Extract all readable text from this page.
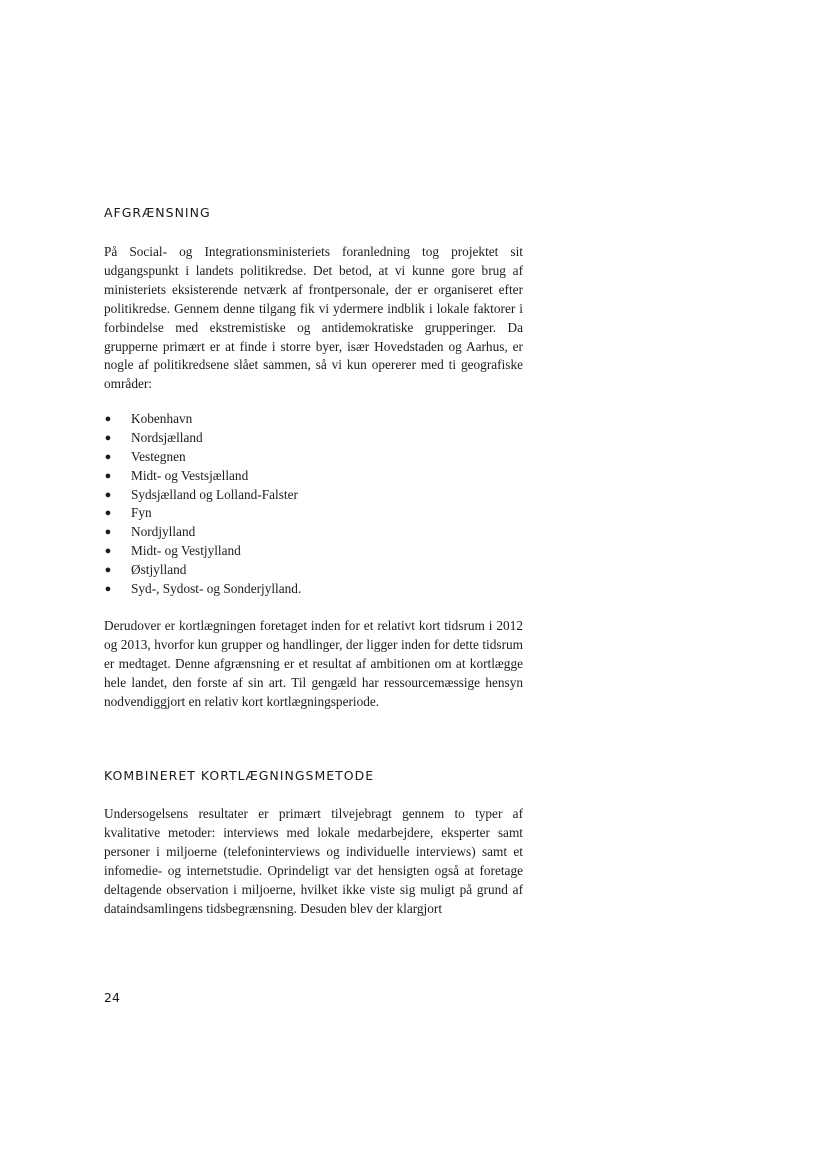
AFGRÆNSNING

På Social- og Integrationsministeriets foranledning tog projektet sit udgangspunkt i landets politikredse. Det betod, at vi kunne gore brug af ministeriets eksisterende netværk af frontpersonale, der er organiseret efter politikredse. Gennem denne tilgang fik vi ydermere indblik i lokale faktorer i forbindelse med ekstremistiske og antidemokratiske grupperinger. Da grupperne primært er at finde i storre byer, især Hovedstaden og Aarhus, er nogle af politikredsene slået sammen, så vi kun opererer med ti geografiske områder:

● Kobenhavn
● Nordsjælland
● Vestegnen
● Midt- og Vestsjælland
● Sydsjælland og Lolland-Falster
● Fyn
● Nordjylland
● Midt- og Vestjylland
● Østjylland
● Syd-, Sydost- og Sonderjylland.

Derudover er kortlægningen foretaget inden for et relativt kort tidsrum i 2012 og 2013, hvorfor kun grupper og handlinger, der ligger inden for dette tidsrum er medtaget. Denne afgrænsning er et resultat af ambitionen om at kortlægge hele landet, den forste af sin art. Til gengæld har ressourcemæssige hensyn nodvendiggjort en relativ kort kortlægningsperiode.

KOMBINERET KORTLÆGNINGSMETODE

Undersogelsens resultater er primært tilvejebragt gennem to typer af kvalitative metoder: interviews med lokale medarbejdere, eksperter samt personer i miljoerne (telefoninterviews og individuelle interviews) samt et infomedie- og internetstudie. Oprindeligt var det hensigten også at foretage deltagende observation i miljoerne, hvilket ikke viste sig muligt på grund af dataindsamlingens tidsbegrænsning. Desuden blev der klargjort

24
